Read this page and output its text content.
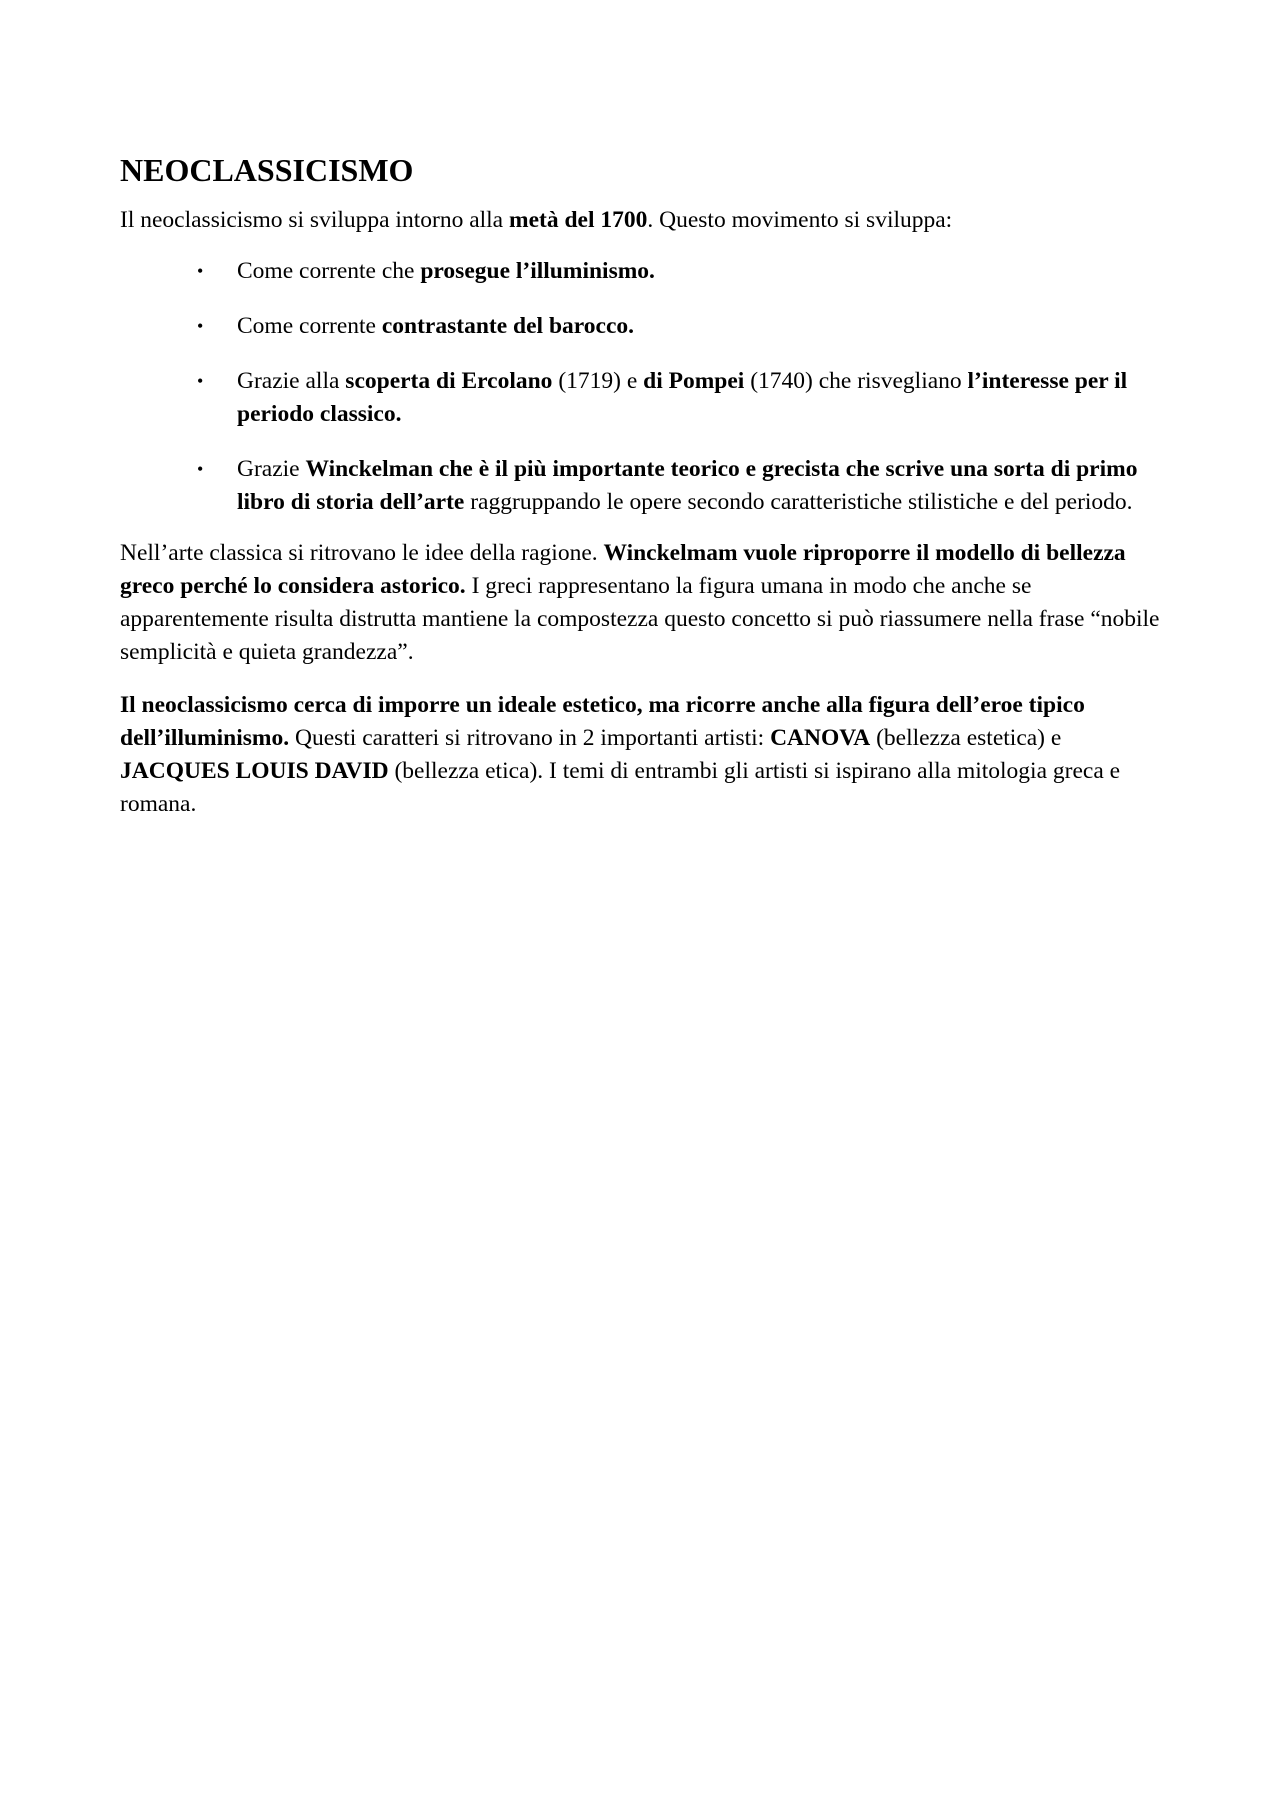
NEOCLASSICISMO

Il neoclassicismo si sviluppa intorno alla metà del 1700. Questo movimento si sviluppa:

• Come corrente che prosegue l’illuminismo.
• Come corrente contrastante del barocco.
• Grazie alla scoperta di Ercolano (1719) e di Pompei (1740) che risvegliano l’interesse per il periodo classico.
• Grazie Winckelman che è il più importante teorico e grecista che scrive una sorta di primo libro di storia dell’arte raggruppando le opere secondo caratteristiche stilistiche e del periodo.

Nell’arte classica si ritrovano le idee della ragione. Winckelmam vuole riproporre il modello di bellezza greco perché lo considera astorico. I greci rappresentano la figura umana in modo che anche se apparentemente risulta distrutta mantiene la compostezza questo concetto si può riassumere nella frase “nobile semplicità e quieta grandezza”.

Il neoclassicismo cerca di imporre un ideale estetico, ma ricorre anche alla figura dell’eroe tipico dell’illuminismo. Questi caratteri si ritrovano in 2 importanti artisti: CANOVA (bellezza estetica) e JACQUES LOUIS DAVID (bellezza etica). I temi di entrambi gli artisti si ispirano alla mitologia greca e romana.
